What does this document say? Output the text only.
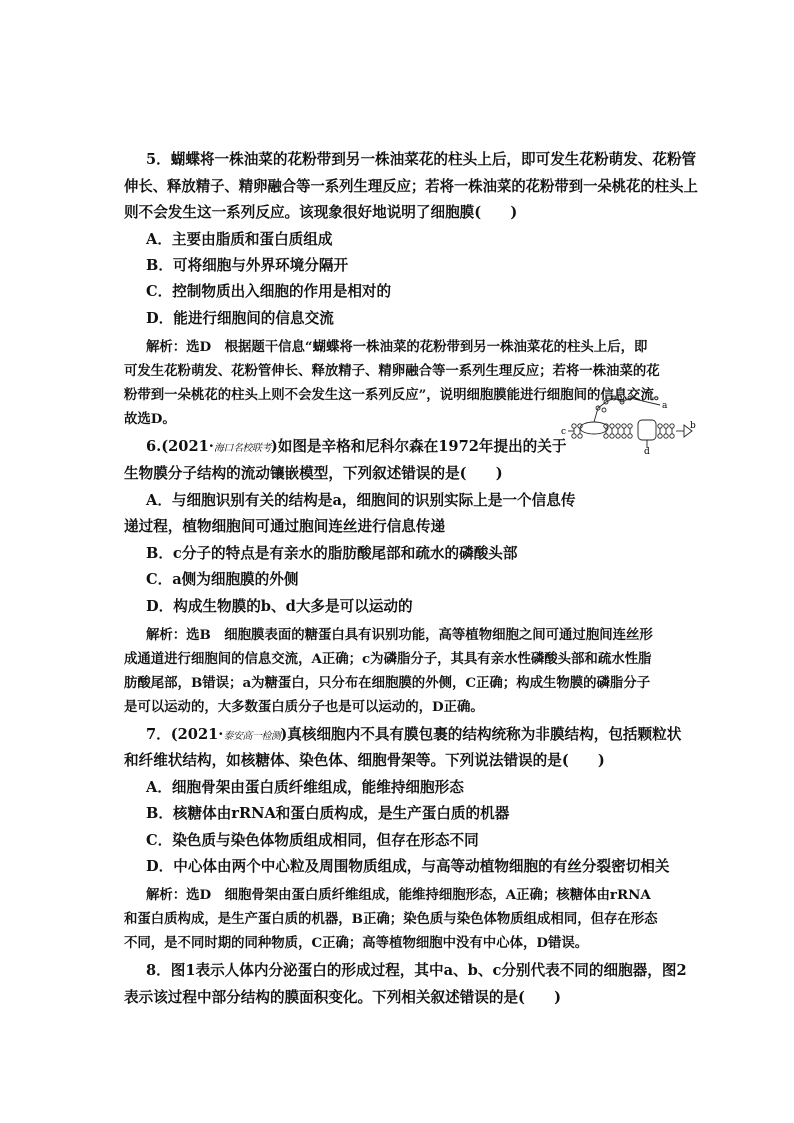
5．蝴蝶将一株油菜的花粉带到另一株油菜花的柱头上后，即可发生花粉萌发、花粉管
伸长、释放精子、精卵融合等一系列生理反应；若将一株油菜的花粉带到一朵桃花的柱头上
则不会发生这一系列反应。该现象很好地说明了细胞膜(　　)
A．主要由脂质和蛋白质组成
B．可将细胞与外界环境分隔开
C．控制物质出入细胞的作用是相对的
D．能进行细胞间的信息交流
解析：选D　根据题干信息“蝴蝶将一株油菜的花粉带到另一株油菜花的柱头上后，即
可发生花粉萌发、花粉管伸长、释放精子、精卵融合等一系列生理反应；若将一株油菜的花
粉带到一朵桃花的柱头上则不会发生这一系列反应”，说明细胞膜能进行细胞间的信息交流。
故选D。
6.(2021·海口名校联考)如图是辛格和尼科尔森在1972年提出的关于
生物膜分子结构的流动镶嵌模型，下列叙述错误的是(　　)
a
b
c
d
A．与细胞识别有关的结构是a，细胞间的识别实际上是一个信息传
递过程，植物细胞间可通过胞间连丝进行信息传递
B．c分子的特点是有亲水的脂肪酸尾部和疏水的磷酸头部
C．a侧为细胞膜的外侧
D．构成生物膜的b、d大多是可以运动的
解析：选B　细胞膜表面的糖蛋白具有识别功能，高等植物细胞之间可通过胞间连丝形
成通道进行细胞间的信息交流，A正确；c为磷脂分子，其具有亲水性磷酸头部和疏水性脂
肪酸尾部，B错误；a为糖蛋白，只分布在细胞膜的外侧，C正确；构成生物膜的磷脂分子
是可以运动的，大多数蛋白质分子也是可以运动的，D正确。
7．(2021·泰安高一检测)真核细胞内不具有膜包裹的结构统称为非膜结构，包括颗粒状
和纤维状结构，如核糖体、染色体、细胞骨架等。下列说法错误的是(　　)
A．细胞骨架由蛋白质纤维组成，能维持细胞形态
B．核糖体由rRNA和蛋白质构成，是生产蛋白质的机器
C．染色质与染色体物质组成相同，但存在形态不同
D．中心体由两个中心粒及周围物质组成，与高等动植物细胞的有丝分裂密切相关
解析：选D　细胞骨架由蛋白质纤维组成，能维持细胞形态，A正确；核糖体由rRNA
和蛋白质构成，是生产蛋白质的机器，B正确；染色质与染色体物质组成相同，但存在形态
不同，是不同时期的同种物质，C正确；高等植物细胞中没有中心体，D错误。
8．图1表示人体内分泌蛋白的形成过程，其中a、b、c分别代表不同的细胞器，图2
表示该过程中部分结构的膜面积变化。下列相关叙述错误的是(　　)
